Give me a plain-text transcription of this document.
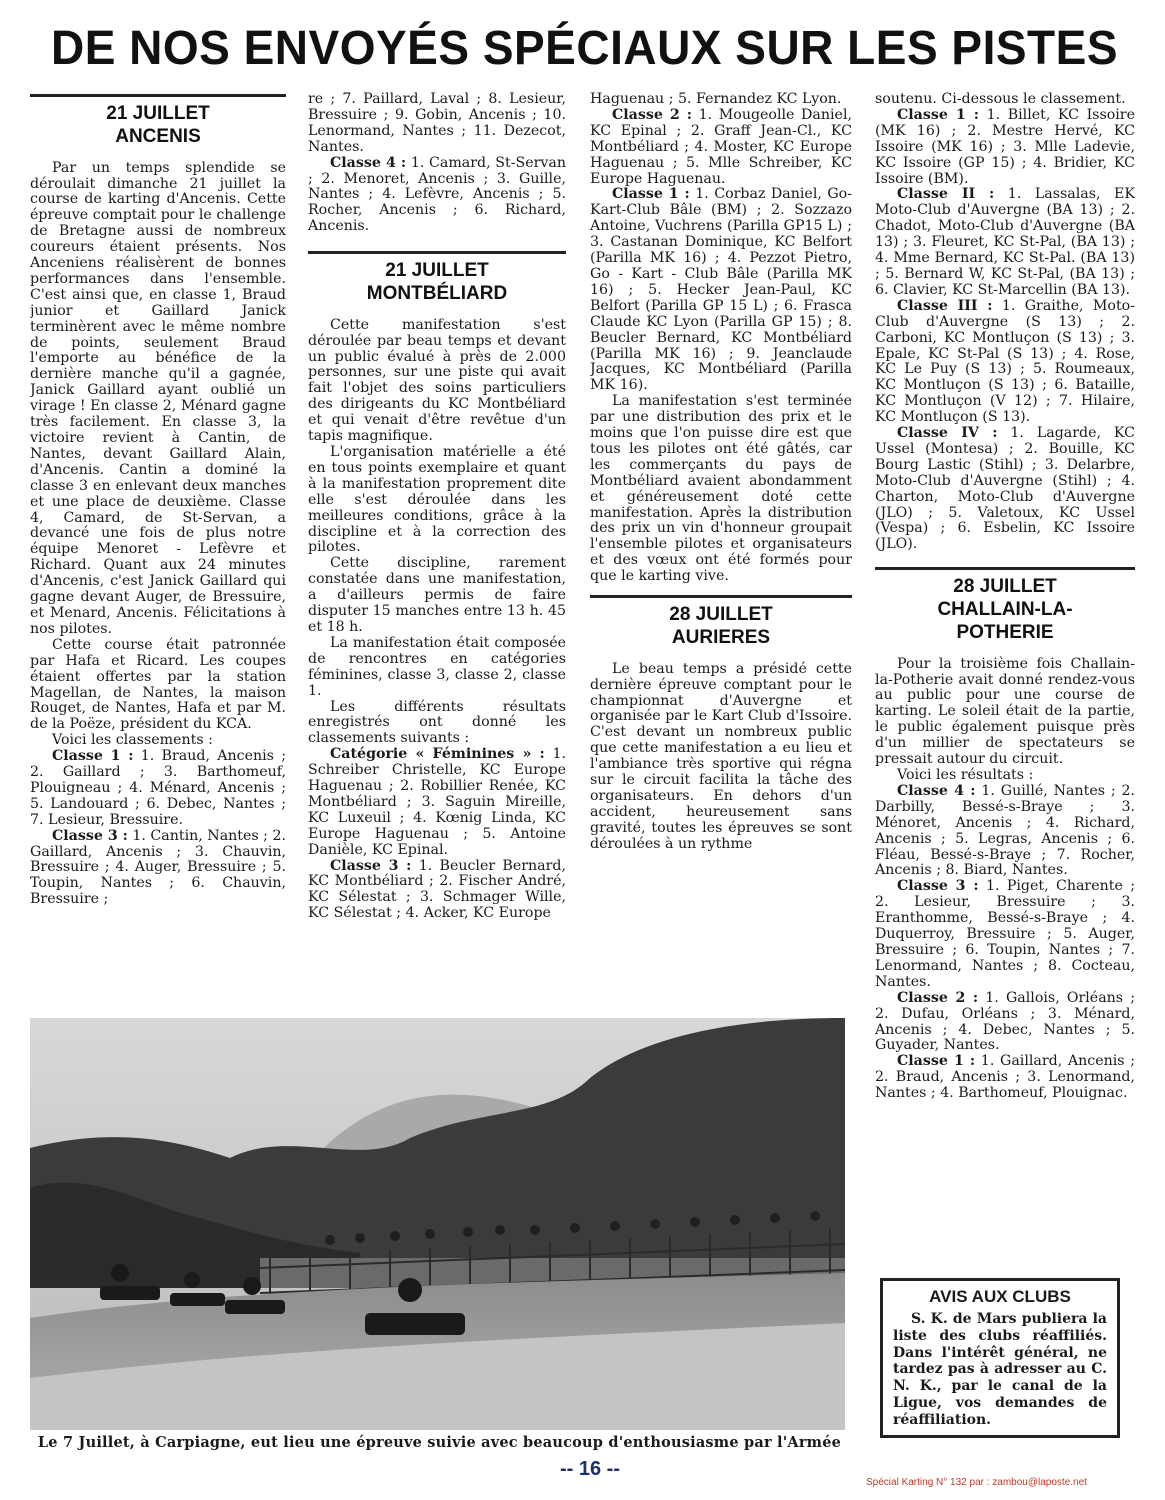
DE NOS ENVOYÉS SPÉCIAUX SUR LES PISTES
21 JUILLET
ANCENIS

Par un temps splendide se déroulait dimanche 21 juillet la course de karting d'Ancenis. Cette épreuve comptait pour le challenge de Bretagne aussi de nombreux coureurs étaient présents. Nos Anceniens réalisèrent de bonnes performances dans l'ensemble. C'est ainsi que, en classe 1, Braud junior et Gaillard Janick terminèrent avec le même nombre de points, seulement Braud l'emporte au bénéfice de la dernière manche qu'il a gagnée, Janick Gaillard ayant oublié un virage ! En classe 2, Ménard gagne très facilement. En classe 3, la victoire revient à Cantin, de Nantes, devant Gaillard Alain, d'Ancenis. Cantin a dominé la classe 3 en enlevant deux manches et une place de deuxième. Classe 4, Camard, de St-Servan, a devancé une fois de plus notre équipe Menoret - Lefèvre et Richard. Quant aux 24 minutes d'Ancenis, c'est Janick Gaillard qui gagne devant Auger, de Bressuire, et Menard, Ancenis. Félicitations à nos pilotes.

Cette course était patronnée par Hafa et Ricard. Les coupes étaient offertes par la station Magellan, de Nantes, la maison Rouget, de Nantes, Hafa et par M. de la Poëze, président du KCA.

Voici les classements :

Classe 1 : 1. Braud, Ancenis ; 2. Gaillard ; 3. Barthomeuf, Plouigneau ; 4. Ménard, Ancenis ; 5. Landouard ; 6. Debec, Nantes ; 7. Lesieur, Bressuire.

Classe 3 : 1. Cantin, Nantes ; 2. Gaillard, Ancenis ; 3. Chauvin, Bressuire ; 4. Auger, Bressuire ; 5. Toupin, Nantes ; 6. Chauvin, Bressuire ;

re ; 7. Paillard, Laval ; 8. Lesieur, Bressuire ; 9. Gobin, Ancenis ; 10. Lenormand, Nantes ; 11. Dezecot, Nantes.

Classe 4 : 1. Camard, St-Servan ; 2. Menoret, Ancenis ; 3. Guille, Nantes ; 4. Lefèvre, Ancenis ; 5. Rocher, Ancenis ; 6. Richard, Ancenis.

21 JUILLET
MONTBÉLIARD

Cette manifestation s'est déroulée par beau temps et devant un public évalué à près de 2.000 personnes, sur une piste qui avait fait l'objet des soins particuliers des dirigeants du KC Montbéliard et qui venait d'être revêtue d'un tapis magnifique.

L'organisation matérielle a été en tous points exemplaire et quant à la manifestation proprement dite elle s'est déroulée dans les meilleures conditions, grâce à la discipline et à la correction des pilotes.

Cette discipline, rarement constatée dans une manifestation, a d'ailleurs permis de faire disputer 15 manches entre 13 h. 45 et 18 h.

La manifestation était composée de rencontres en catégories féminines, classe 3, classe 2, classe 1.

Les différents résultats enregistrés ont donné les classements suivants :

Catégorie « Féminines » : 1. Schreiber Christelle, KC Europe Haguenau ; 2. Robillier Renée, KC Montbéliard ; 3. Saguin Mireille, KC Luxeuil ; 4. Kœnig Linda, KC Europe Haguenau ; 5. Antoine Danièle, KC Epinal.

Classe 3 : 1. Beucler Bernard, KC Montbéliard ; 2. Fischer André, KC Sélestat ; 3. Schmager Wille, KC Sélestat ; 4. Acker, KC Europe

Haguenau ; 5. Fernandez KC Lyon.

Classe 2 : 1. Mougeolle Daniel, KC Epinal ; 2. Graff Jean-Cl., KC Montbéliard ; 4. Moster, KC Europe Haguenau ; 5. Mlle Schreiber, KC Europe Haguenau.

Classe 1 : 1. Corbaz Daniel, Go-Kart-Club Bâle (BM) ; 2. Sozzazo Antoine, Vuchrens (Parilla GP15 L) ; 3. Castanan Dominique, KC Belfort (Parilla MK 16) ; 4. Pezzot Pietro, Go - Kart - Club Bâle (Parilla MK 16) ; 5. Hecker Jean-Paul, KC Belfort (Parilla GP 15 L) ; 6. Frasca Claude KC Lyon (Parilla GP 15) ; 8. Beucler Bernard, KC Montbéliard (Parilla MK 16) ; 9. Jeanclaude Jacques, KC Montbéliard (Parilla MK 16).

La manifestation s'est terminée par une distribution des prix et le moins que l'on puisse dire est que tous les pilotes ont été gâtés, car les commerçants du pays de Montbéliard avaient abondamment et généreusement doté cette manifestation. Après la distribution des prix un vin d'honneur groupait l'ensemble pilotes et organisateurs et des vœux ont été formés pour que le karting vive.

28 JUILLET
AURIERES

Le beau temps a présidé cette dernière épreuve comptant pour le championnat d'Auvergne et organisée par le Kart Club d'Issoire. C'est devant un nombreux public que cette manifestation a eu lieu et l'ambiance très sportive qui régna sur le circuit facilita la tâche des organisateurs. En dehors d'un accident, heureusement sans gravité, toutes les épreuves se sont déroulées à un rythme

soutenu. Ci-dessous le classement.

Classe 1 : 1. Billet, KC Issoire (MK 16) ; 2. Mestre Hervé, KC Issoire (MK 16) ; 3. Mlle Ladevie, KC Issoire (GP 15) ; 4. Bridier, KC Issoire (BM).

Classe II : 1. Lassalas, EK Moto-Club d'Auvergne (BA 13) ; 2. Chadot, Moto-Club d'Auvergne (BA 13) ; 3. Fleuret, KC St-Pal, (BA 13) ; 4. Mme Bernard, KC St-Pal. (BA 13) ; 5. Bernard W, KC St-Pal, (BA 13) ; 6. Clavier, KC St-Marcellin (BA 13).

Classe III : 1. Graithe, Moto-Club d'Auvergne (S 13) ; 2. Carboni, KC Montluçon (S 13) ; 3. Epale, KC St-Pal (S 13) ; 4. Rose, KC Le Puy (S 13) ; 5. Roumeaux, KC Montluçon (S 13) ; 6. Bataille, KC Montluçon (V 12) ; 7. Hilaire, KC Montluçon (S 13).

Classe IV : 1. Lagarde, KC Ussel (Montesa) ; 2. Bouille, KC Bourg Lastic (Stihl) ; 3. Delarbre, Moto-Club d'Auvergne (Stihl) ; 4. Charton, Moto-Club d'Auvergne (JLO) ; 5. Valetoux, KC Ussel (Vespa) ; 6. Esbelin, KC Issoire (JLO).

28 JUILLET
CHALLAIN-LA-
POTHERIE

Pour la troisième fois Challain-la-Potherie avait donné rendez-vous au public pour une course de karting. Le soleil était de la partie, le public également puisque près d'un millier de spectateurs se pressait autour du circuit.

Voici les résultats :

Classe 4 : 1. Guillé, Nantes ; 2. Darbilly, Bessé-s-Braye ; 3. Ménoret, Ancenis ; 4. Richard, Ancenis ; 5. Legras, Ancenis ; 6. Fléau, Bessé-s-Braye ; 7. Rocher, Ancenis ; 8. Biard, Nantes.

Classe 3 : 1. Piget, Charente ; 2. Lesieur, Bressuire ; 3. Eranthomme, Bessé-s-Braye ; 4. Duquerroy, Bressuire ; 5. Auger, Bressuire ; 6. Toupin, Nantes ; 7. Lenormand, Nantes ; 8. Cocteau, Nantes.

Classe 2 : 1. Gallois, Orléans ; 2. Dufau, Orléans ; 3. Ménard, Ancenis ; 4. Debec, Nantes ; 5. Guyader, Nantes.

Classe 1 : 1. Gaillard, Ancenis ; 2. Braud, Ancenis ; 3. Lenormand, Nantes ; 4. Barthomeuf, Plouignac.

Le 7 Juillet, à Carpiagne, eut lieu une épreuve suivie avec beaucoup d'enthousiasme par l'Armée
AVIS AUX CLUBS
S. K. de Mars publiera la liste des clubs réaffiliés. Dans l'intérêt général, ne tardez pas à adresser au C. N. K., par le canal de la Ligue, vos demandes de réaffiliation.
-- 16 --
Spécial Karting N° 132 par : zambou@laposte.net
